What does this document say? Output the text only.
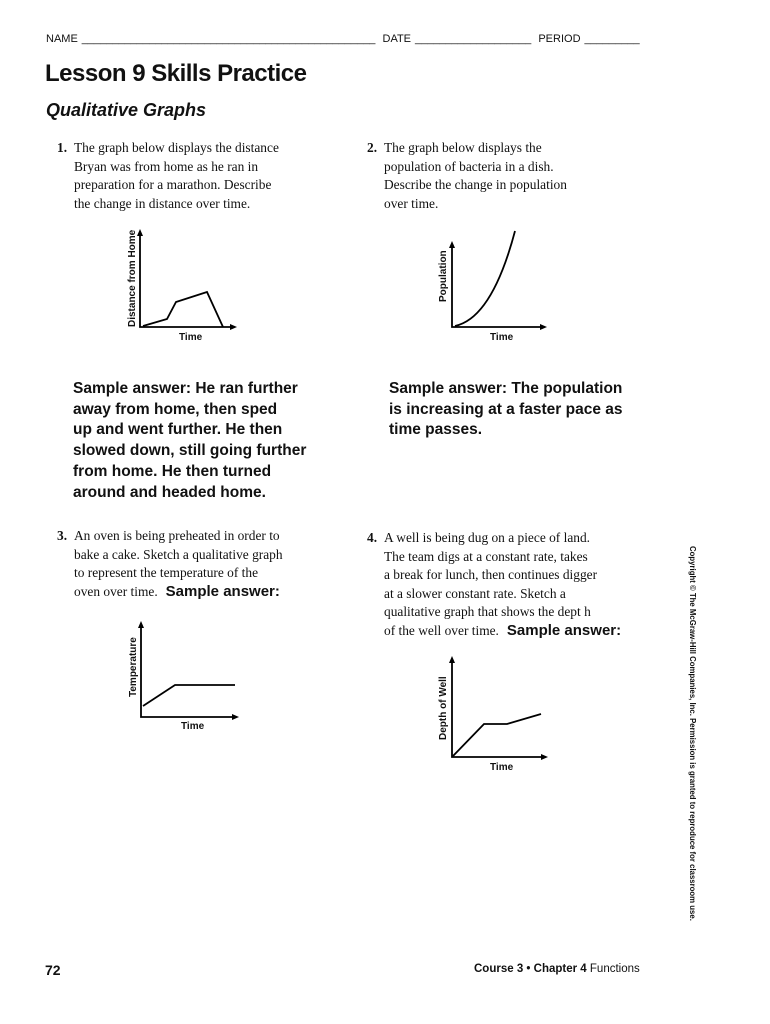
NAME ________________________________________________ DATE ___________________ PERIOD _________
Lesson 9 Skills Practice
Qualitative Graphs
1. The graph below displays the distance
Bryan was from home as he ran in
preparation for a marathon. Describe
the change in distance over time.
Distance from Home
Time
Sample answer: He ran further
away from home, then sped
up and went further. He then
slowed down, still going further
from home. He then turned
around and headed home.
2. The graph below displays the
population of bacteria in a dish.
Describe the change in population
over time.
Population
Time
Sample answer: The population
is increasing at a faster pace as
time passes.
3. An oven is being preheated in order to
bake a cake. Sketch a qualitative graph
to represent the temperature of the
oven over time. Sample answer:
Temperature
Time
4. A well is being dug on a piece of land.
The team digs at a constant rate, takes
a break for lunch, then continues digger
at a slower constant rate. Sketch a
qualitative graph that shows the dept h
of the well over time. Sample answer:
Depth of Well
Time	Copyright © The McGraw-Hill Companies, Inc. Permission is granted to reproduce for classroom use.
72	Course 3 • Chapter 4 Functions
